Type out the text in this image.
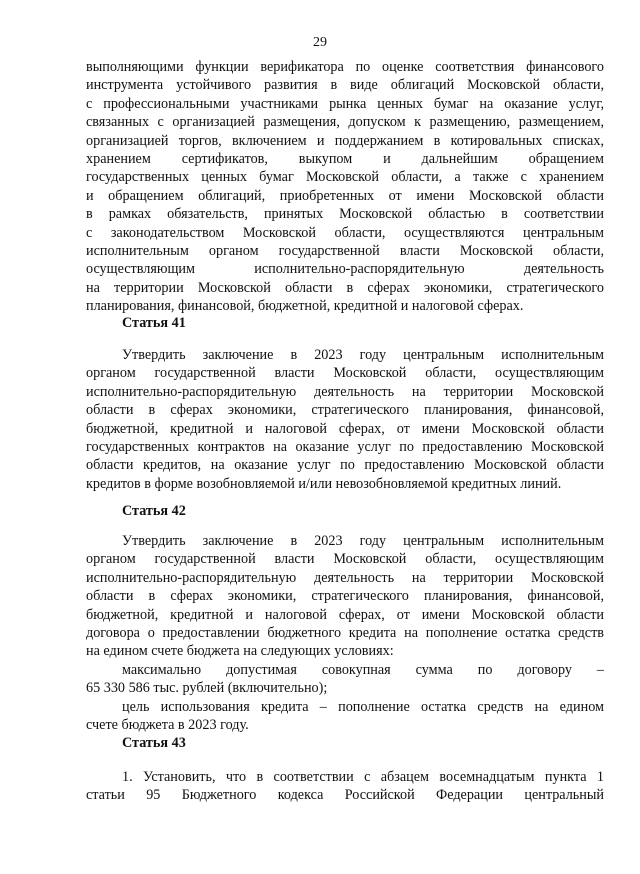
29
выполняющими функции верификатора по оценке соответствия финансового
инструмента устойчивого развития в виде облигаций Московской области,
с профессиональными участниками рынка ценных бумаг на оказание услуг,
связанных с организацией размещения, допуском к размещению, размещением,
организацией торгов, включением и поддержанием в котировальных списках,
хранением сертификатов, выкупом и дальнейшим обращением
государственных ценных бумаг Московской области, а также с хранением
и обращением облигаций, приобретенных от имени Московской области
в рамках обязательств, принятых Московской областью в соответствии
с законодательством Московской области, осуществляются центральным
исполнительным органом государственной власти Московской области,
осуществляющим исполнительно-распорядительную деятельность
на территории Московской области в сферах экономики, стратегического
планирования, финансовой, бюджетной, кредитной и налоговой сферах.
Статья 41
Утвердить заключение в 2023 году центральным исполнительным
органом государственной власти Московской области, осуществляющим
исполнительно-распорядительную деятельность на территории Московской
области в сферах экономики, стратегического планирования, финансовой,
бюджетной, кредитной и налоговой сферах, от имени Московской области
государственных контрактов на оказание услуг по предоставлению Московской
области кредитов, на оказание услуг по предоставлению Московской области
кредитов в форме возобновляемой и/или невозобновляемой кредитных линий.
Статья 42
Утвердить заключение в 2023 году центральным исполнительным
органом государственной власти Московской области, осуществляющим
исполнительно-распорядительную деятельность на территории Московской
области в сферах экономики, стратегического планирования, финансовой,
бюджетной, кредитной и налоговой сферах, от имени Московской области
договора о предоставлении бюджетного кредита на пополнение остатка средств
на едином счете бюджета на следующих условиях:
максимально допустимая совокупная сумма по договору –
65 330 586 тыс. рублей (включительно);
цель использования кредита – пополнение остатка средств на едином
счете бюджета в 2023 году.
Статья 43
1. Установить, что в соответствии с абзацем восемнадцатым пункта 1
статьи 95 Бюджетного кодекса Российской Федерации центральный
